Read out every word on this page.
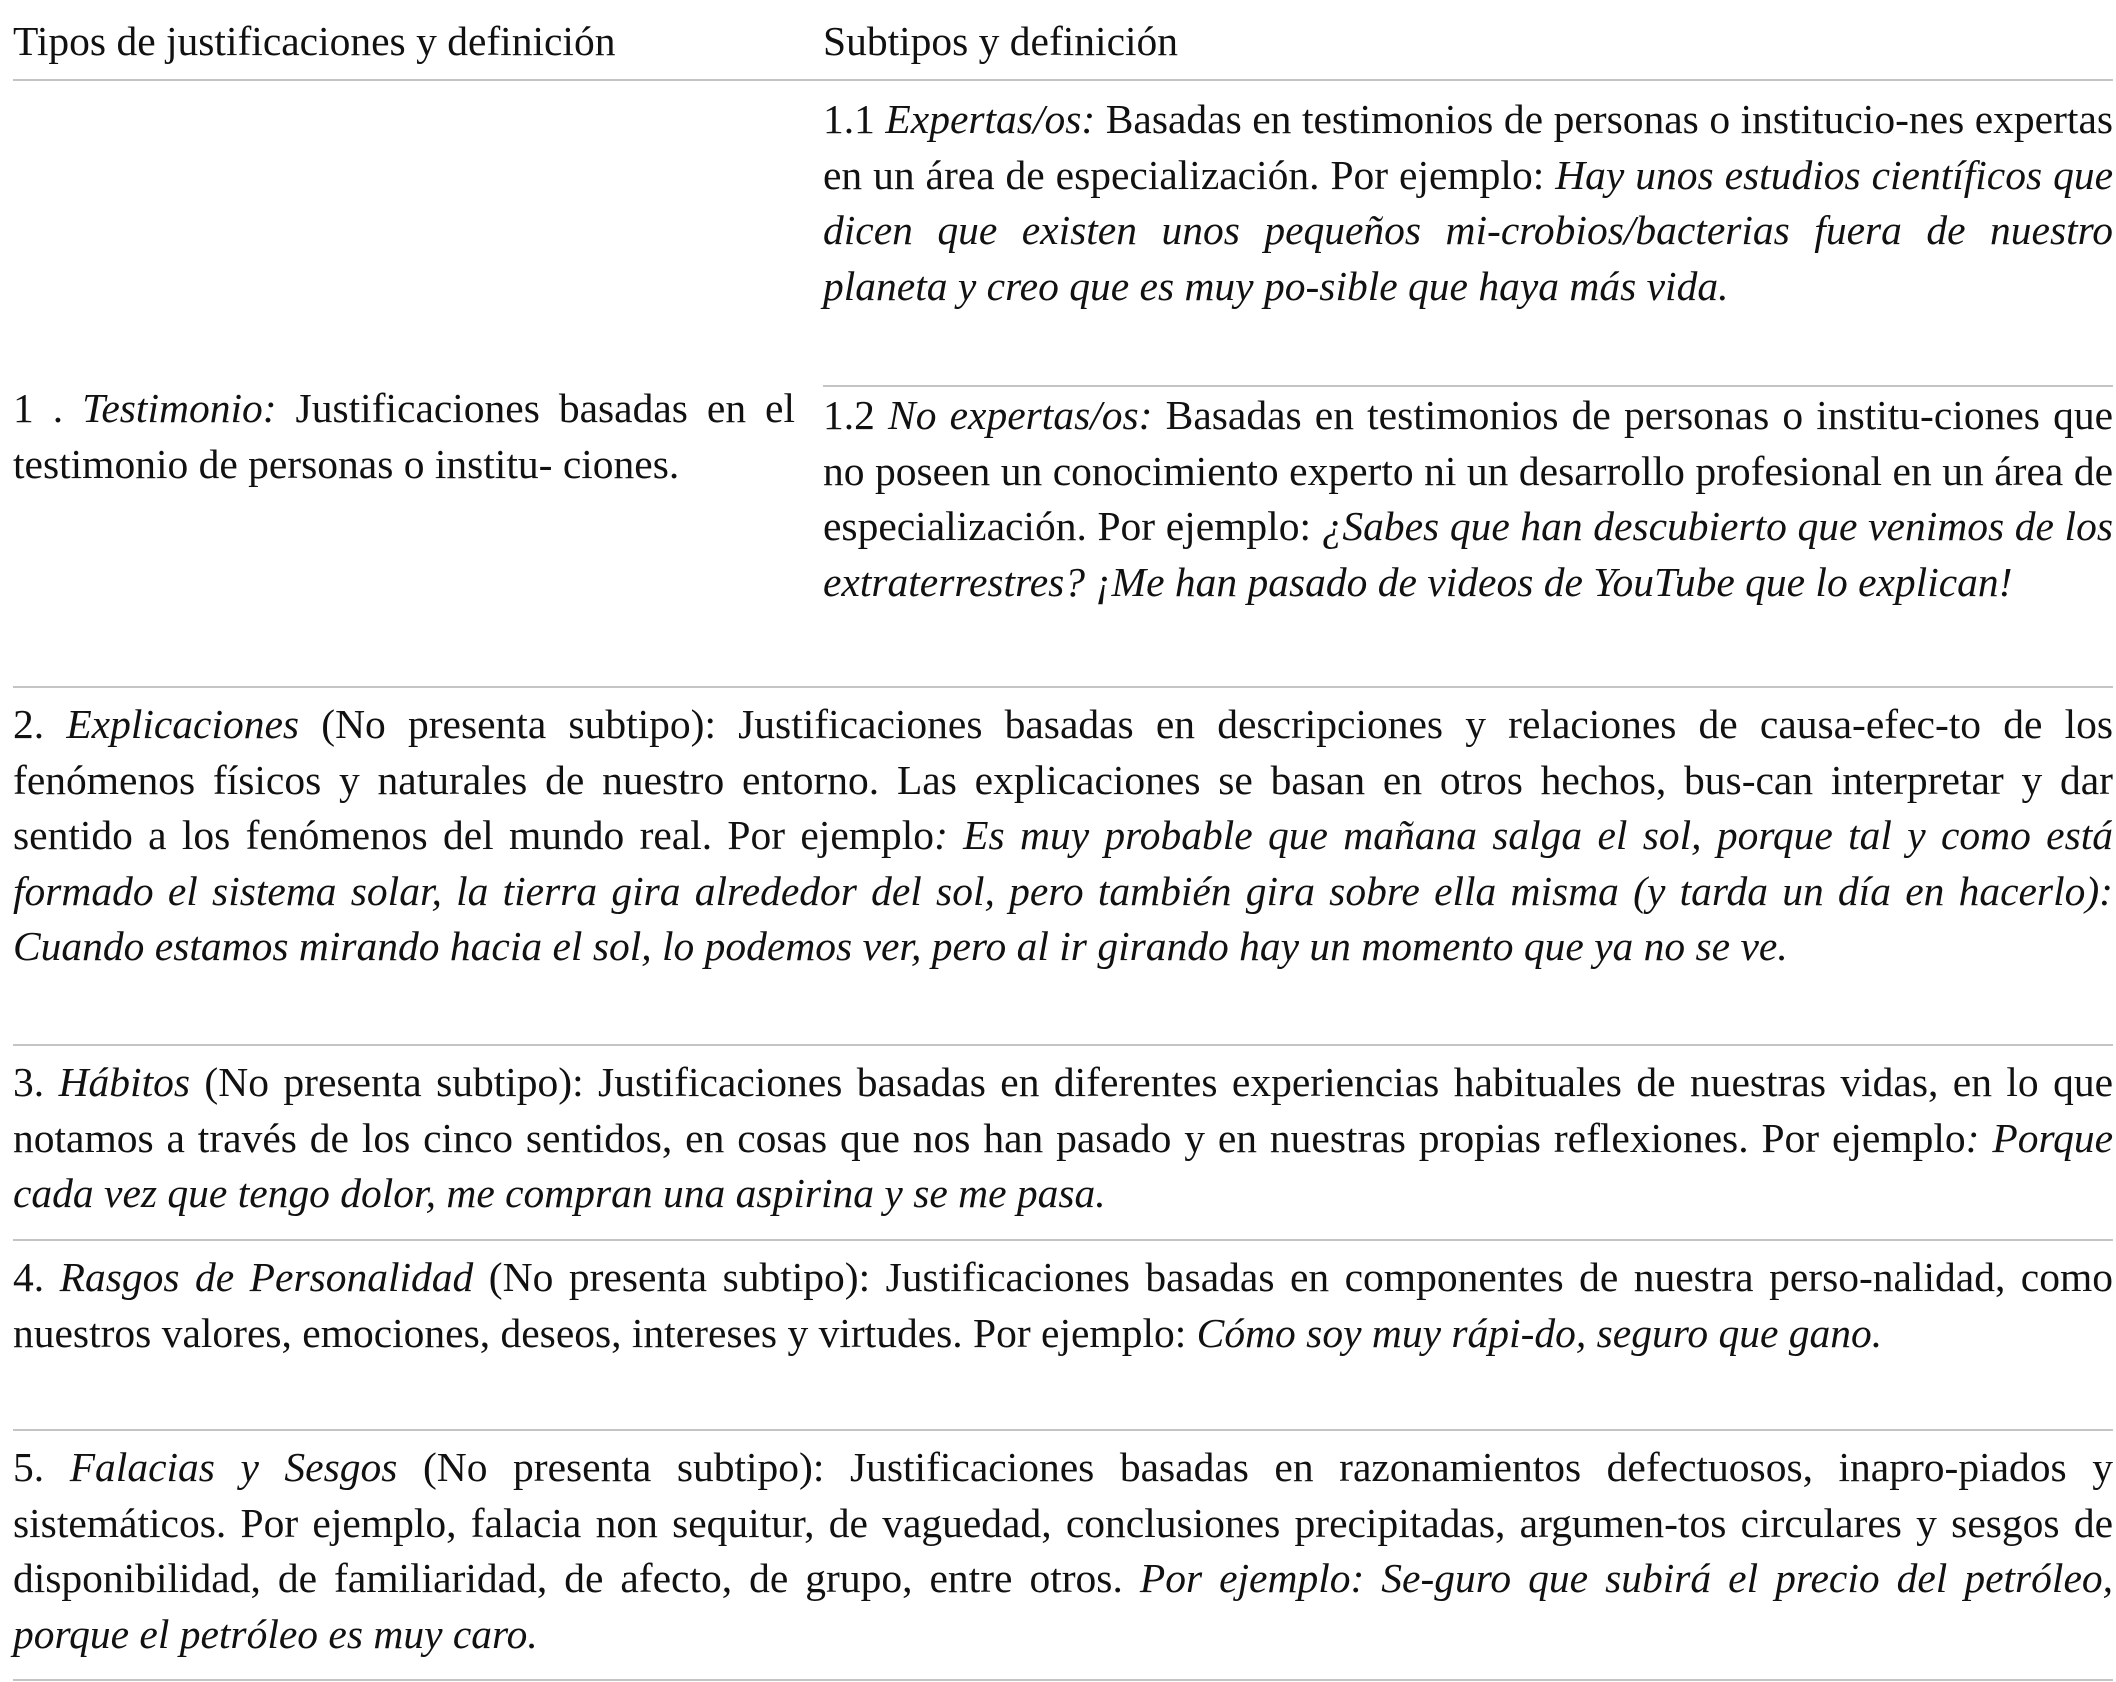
Tipos de justificaciones y definición	Subtipos y definición
1 . Testimonio: Justificaciones basadas en el testimonio de personas o institu- ciones.
1.1 Expertas/os: Basadas en testimonios de personas o institucio-nes expertas en un área de especialización. Por ejemplo: Hay unos estudios científicos que dicen que existen unos pequeños mi-crobios/bacterias fuera de nuestro planeta y creo que es muy po-sible que haya más vida.
1.2 No expertas/os: Basadas en testimonios de personas o institu-ciones que no poseen un conocimiento experto ni un desarrollo profesional en un área de especialización. Por ejemplo: ¿Sabes que han descubierto que venimos de los extraterrestres? ¡Me han pasado de videos de YouTube que lo explican!
2. Explicaciones (No presenta subtipo): Justificaciones basadas en descripciones y relaciones de causa-efec-to de los fenómenos físicos y naturales de nuestro entorno. Las explicaciones se basan en otros hechos, bus-can interpretar y dar sentido a los fenómenos del mundo real. Por ejemplo: Es muy probable que mañana salga el sol, porque tal y como está formado el sistema solar, la tierra gira alrededor del sol, pero también gira sobre ella misma (y tarda un día en hacerlo): Cuando estamos mirando hacia el sol, lo podemos ver, pero al ir girando hay un momento que ya no se ve.
3. Hábitos (No presenta subtipo): Justificaciones basadas en diferentes experiencias habituales de nuestras vidas, en lo que notamos a través de los cinco sentidos, en cosas que nos han pasado y en nuestras propias reflexiones. Por ejemplo: Porque cada vez que tengo dolor, me compran una aspirina y se me pasa.
4. Rasgos de Personalidad (No presenta subtipo): Justificaciones basadas en componentes de nuestra perso-nalidad, como nuestros valores, emociones, deseos, intereses y virtudes. Por ejemplo: Cómo soy muy rápi-do, seguro que gano.
5. Falacias y Sesgos (No presenta subtipo): Justificaciones basadas en razonamientos defectuosos, inapro-piados y sistemáticos. Por ejemplo, falacia non sequitur, de vaguedad, conclusiones precipitadas, argumen-tos circulares y sesgos de disponibilidad, de familiaridad, de afecto, de grupo, entre otros. Por ejemplo: Se-guro que subirá el precio del petróleo, porque el petróleo es muy caro.
